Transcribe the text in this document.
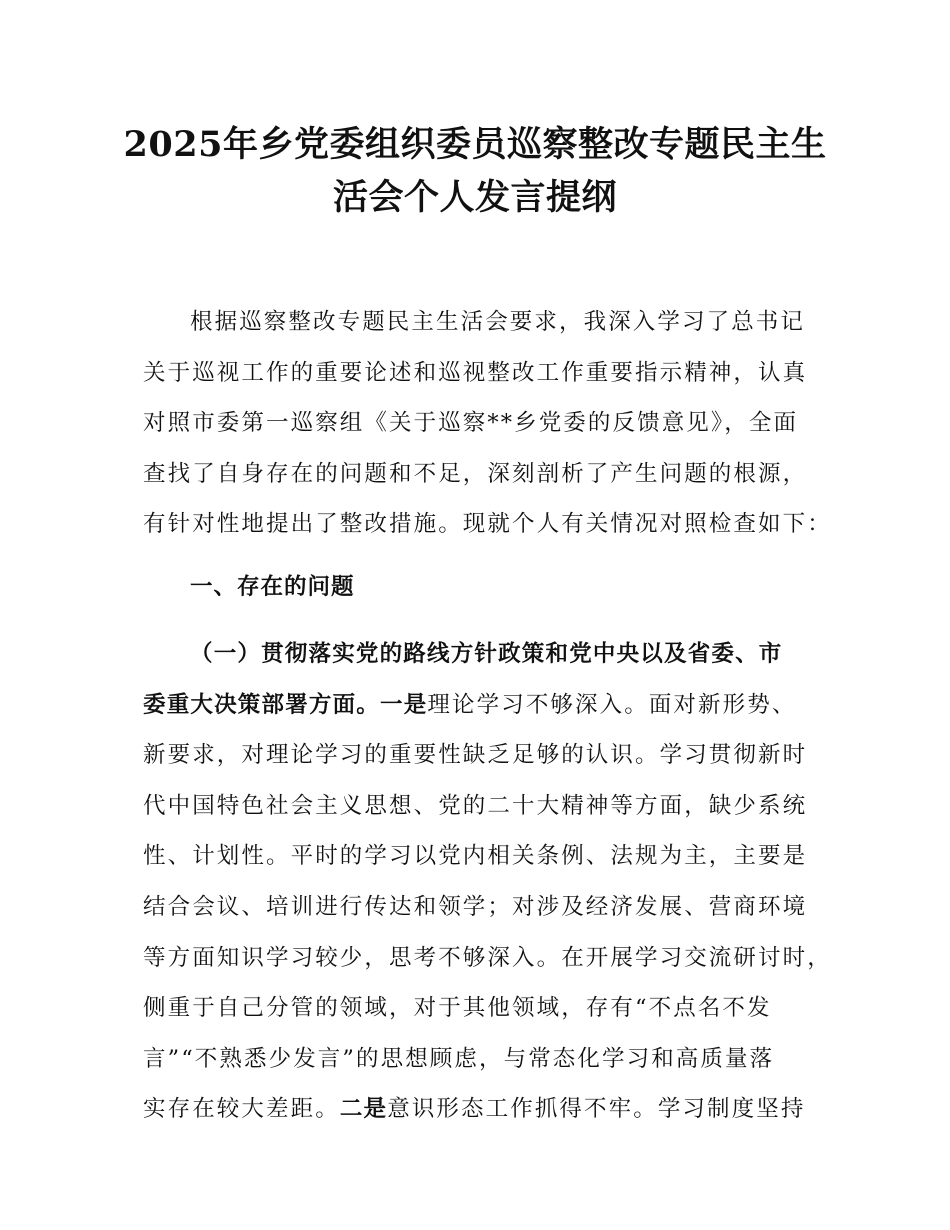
2025年乡党委组织委员巡察整改专题民主生
活会个人发言提纲
根据巡察整改专题民主生活会要求，我深入学习了总书记
关于巡视工作的重要论述和巡视整改工作重要指示精神，认真
对照市委第一巡察组《关于巡察**乡党委的反馈意见》，全面
查找了自身存在的问题和不足，深刻剖析了产生问题的根源，
有针对性地提出了整改措施。现就个人有关情况对照检查如下：
一、存在的问题
（一）贯彻落实党的路线方针政策和党中央以及省委、市
委重大决策部署方面。一是理论学习不够深入。面对新形势、
新要求，对理论学习的重要性缺乏足够的认识。学习贯彻新时
代中国特色社会主义思想、党的二十大精神等方面，缺少系统
性、计划性。平时的学习以党内相关条例、法规为主，主要是
结合会议、培训进行传达和领学；对涉及经济发展、营商环境
等方面知识学习较少，思考不够深入。在开展学习交流研讨时，
侧重于自己分管的领域，对于其他领域，存有“不点名不发
言”“不熟悉少发言”的思想顾虑，与常态化学习和高质量落
实存在较大差距。二是意识形态工作抓得不牢。学习制度坚持
